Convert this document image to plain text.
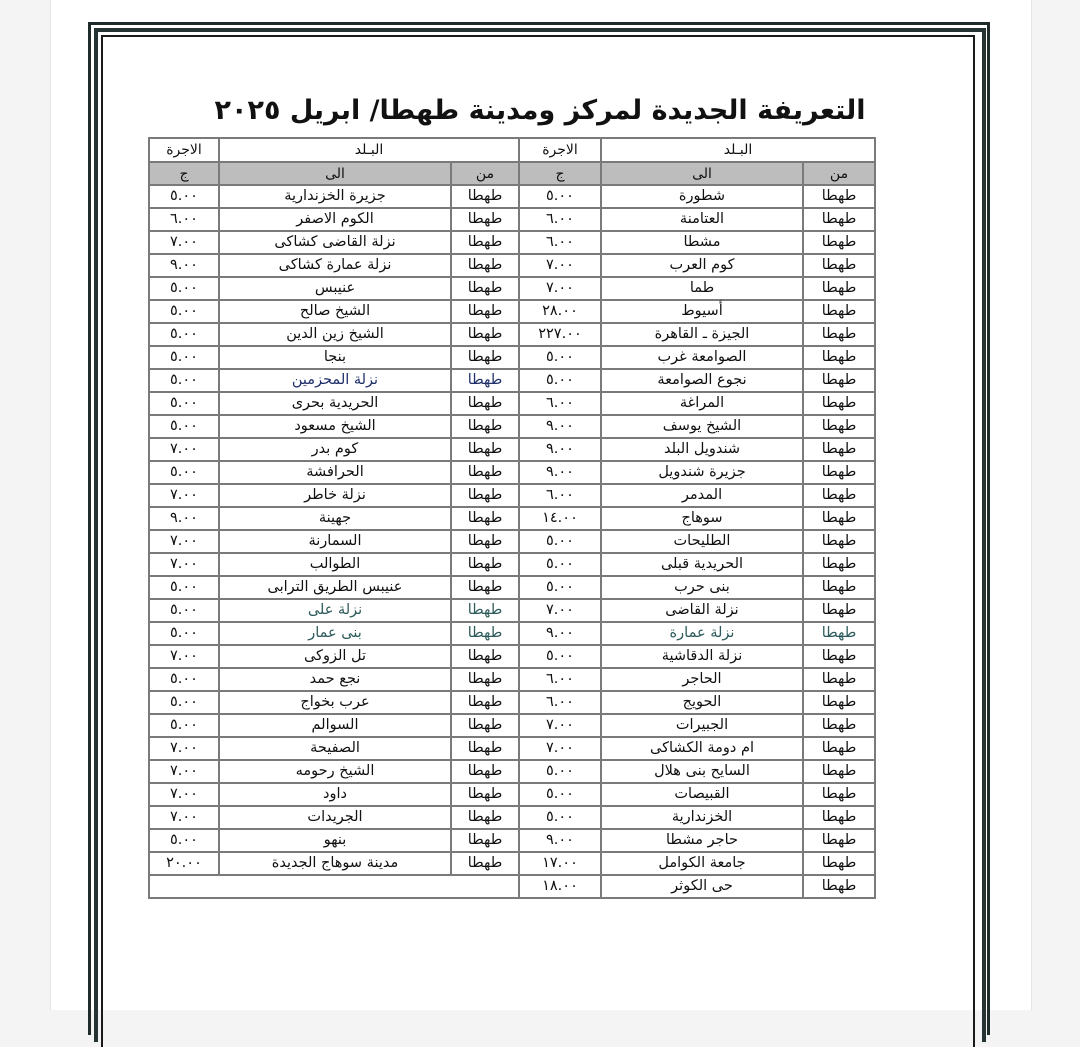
التعريفة الجديدة لمركز ومدينة طهطا/ ابريل ٢٠٢٥
البـلد		الاجرة	البـلد		الاجرة
من	الى	ج	من	الى	ج
طهطا	شطورة	٥.٠٠	طهطا	جزيرة الخزندارية	٥.٠٠
طهطا	العتامنة	٦.٠٠	طهطا	الكوم الاصفر	٦.٠٠
طهطا	مشطا	٦.٠٠	طهطا	نزلة القاضى كشاكى	٧.٠٠
طهطا	كوم العرب	٧.٠٠	طهطا	نزلة عمارة كشاكى	٩.٠٠
طهطا	طما	٧.٠٠	طهطا	عنيبس	٥.٠٠
طهطا	أسيوط	٢٨.٠٠	طهطا	الشيخ صالح	٥.٠٠
طهطا	الجيزة ـ القاهرة	٢٢٧.٠٠	طهطا	الشيخ زين الدين	٥.٠٠
طهطا	الصوامعة غرب	٥.٠٠	طهطا	بنجا	٥.٠٠
طهطا	نجوع الصوامعة	٥.٠٠	طهطا	نزلة المحزمين	٥.٠٠
طهطا	المراغة	٦.٠٠	طهطا	الحريدية بحرى	٥.٠٠
طهطا	الشيخ يوسف	٩.٠٠	طهطا	الشيخ مسعود	٥.٠٠
طهطا	شندويل البلد	٩.٠٠	طهطا	كوم بدر	٧.٠٠
طهطا	جزيرة شندويل	٩.٠٠	طهطا	الحرافشة	٥.٠٠
طهطا	المدمر	٦.٠٠	طهطا	نزلة خاطر	٧.٠٠
طهطا	سوهاج	١٤.٠٠	طهطا	جهينة	٩.٠٠
طهطا	الطليحات	٥.٠٠	طهطا	السمارنة	٧.٠٠
طهطا	الحريدية قبلى	٥.٠٠	طهطا	الطوالب	٧.٠٠
طهطا	بنى حرب	٥.٠٠	طهطا	عنيبس الطريق الترابى	٥.٠٠
طهطا	نزلة القاضى	٧.٠٠	طهطا	نزلة على	٥.٠٠
طهطا	نزلة عمارة	٩.٠٠	طهطا	بنى عمار	٥.٠٠
طهطا	نزلة الدقاشية	٥.٠٠	طهطا	تل الزوكى	٧.٠٠
طهطا	الحاجر	٦.٠٠	طهطا	نجع حمد	٥.٠٠
طهطا	الحويج	٦.٠٠	طهطا	عرب بخواج	٥.٠٠
طهطا	الجبيرات	٧.٠٠	طهطا	السوالم	٥.٠٠
طهطا	ام دومة الكشاكى	٧.٠٠	طهطا	الصفيحة	٧.٠٠
طهطا	السايح بنى هلال	٥.٠٠	طهطا	الشيخ رحومه	٧.٠٠
طهطا	القبيصات	٥.٠٠	طهطا	داود	٧.٠٠
طهطا	الخزندارية	٥.٠٠	طهطا	الجريدات	٧.٠٠
طهطا	حاجر مشطا	٩.٠٠	طهطا	بنهو	٥.٠٠
طهطا	جامعة الكوامل	١٧.٠٠	طهطا	مدينة سوهاج الجديدة	٢٠.٠٠
طهطا	حى الكوثر	١٨.٠٠			
